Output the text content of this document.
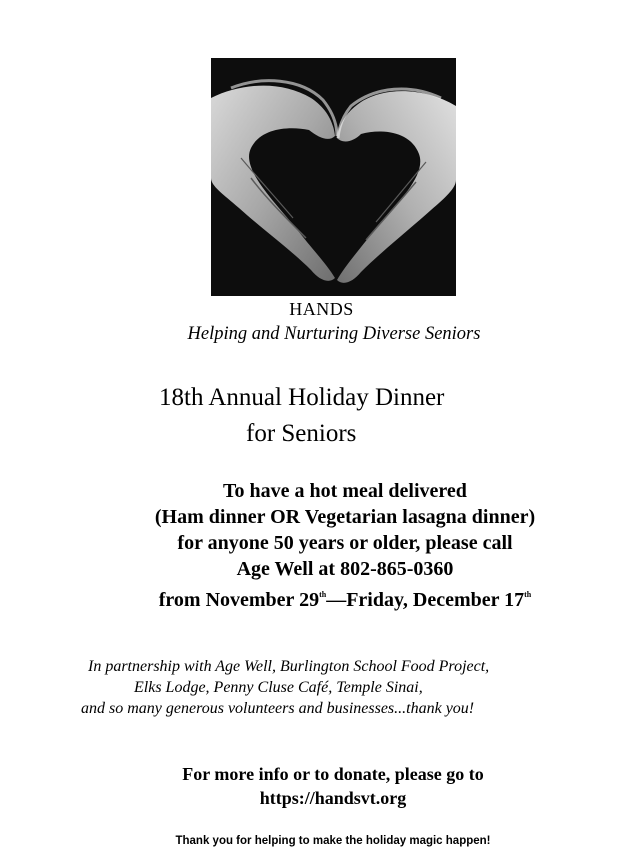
HANDS
Helping and Nurturing Diverse Seniors
18th Annual Holiday Dinner
for Seniors
To have a hot meal delivered
(Ham dinner OR Vegetarian lasagna dinner)
for anyone 50 years or older, please call
Age Well at 802-865-0360
from November 29th—Friday, December 17th
In partnership with Age Well, Burlington School Food Project,
Elks Lodge, Penny Cluse Café, Temple Sinai,
and so many generous volunteers and businesses...thank you!
For more info or to donate, please go to
https://handsvt.org
Thank you for helping to make the holiday magic happen!
